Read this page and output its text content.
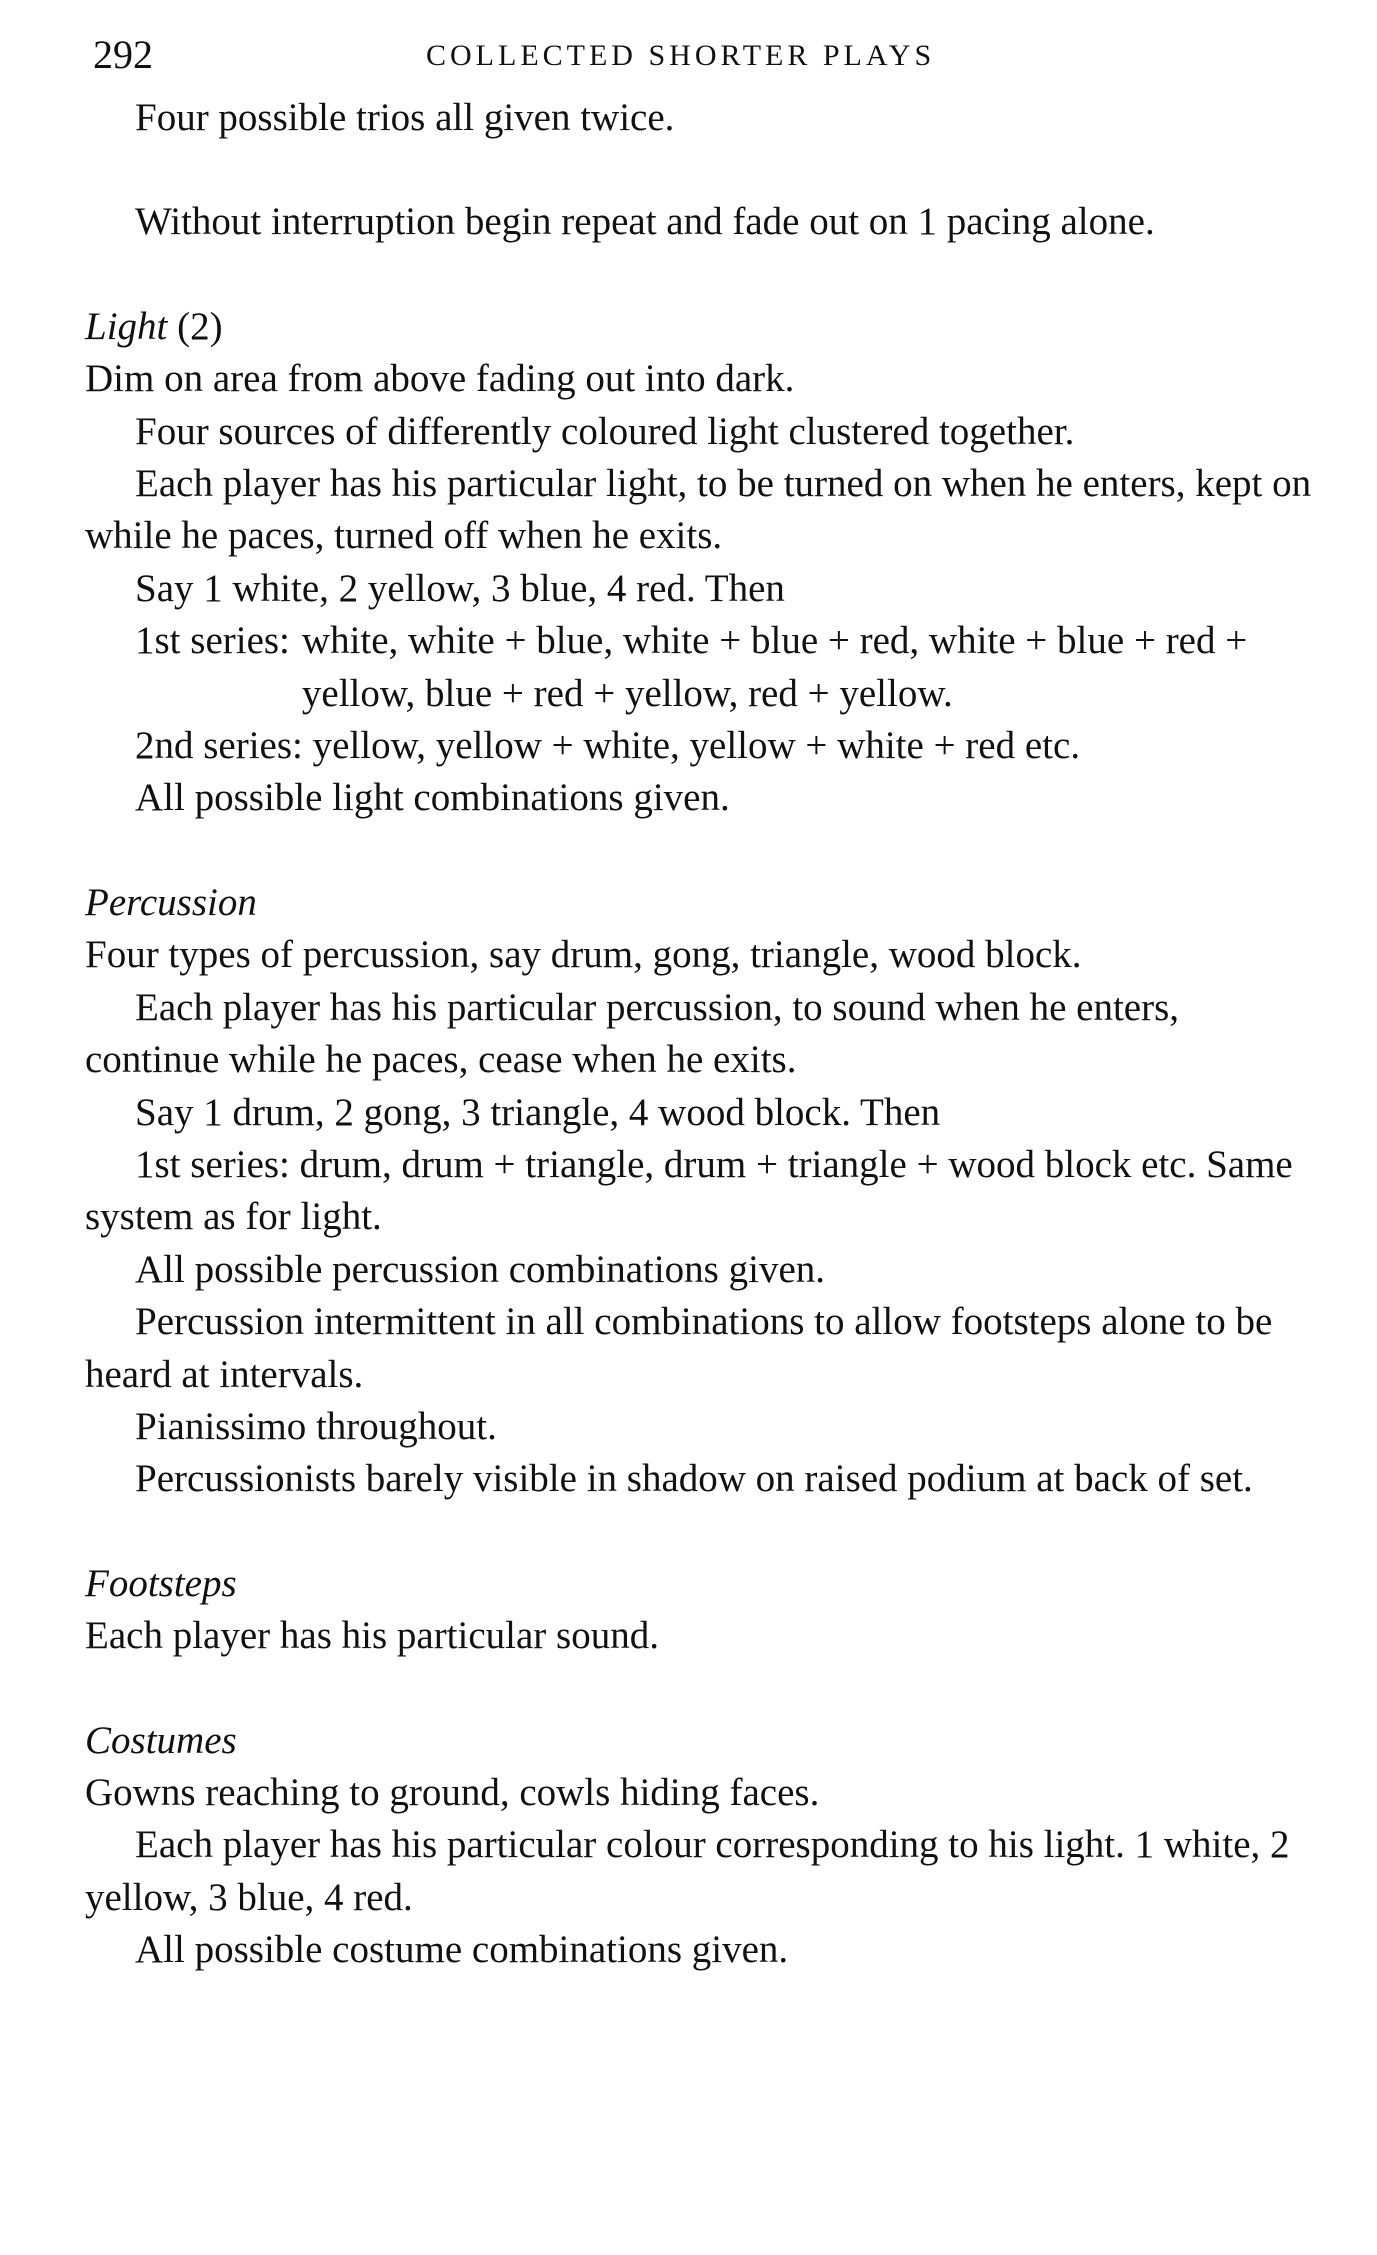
292	COLLECTED SHORTER PLAYS

Four possible trios all given twice.

Without interruption begin repeat and fade out on 1 pacing alone.

Light (2)

Dim on area from above fading out into dark.

Four sources of differently coloured light clustered together.

Each player has his particular light, to be turned on when he enters, kept on while he paces, turned off when he exits.

Say 1 white, 2 yellow, 3 blue, 4 red. Then

1st series: white, white + blue, white + blue + red, white + blue + red + yellow, blue + red + yellow, red + yellow.

2nd series: yellow, yellow + white, yellow + white + red etc.

All possible light combinations given.

Percussion

Four types of percussion, say drum, gong, triangle, wood block.

Each player has his particular percussion, to sound when he enters, continue while he paces, cease when he exits.

Say 1 drum, 2 gong, 3 triangle, 4 wood block. Then

1st series: drum, drum + triangle, drum + triangle + wood block etc. Same system as for light.

All possible percussion combinations given.

Percussion intermittent in all combinations to allow footsteps alone to be heard at intervals.

Pianissimo throughout.

Percussionists barely visible in shadow on raised podium at back of set.

Footsteps

Each player has his particular sound.

Costumes

Gowns reaching to ground, cowls hiding faces.

Each player has his particular colour corresponding to his light. 1 white, 2 yellow, 3 blue, 4 red.

All possible costume combinations given.
